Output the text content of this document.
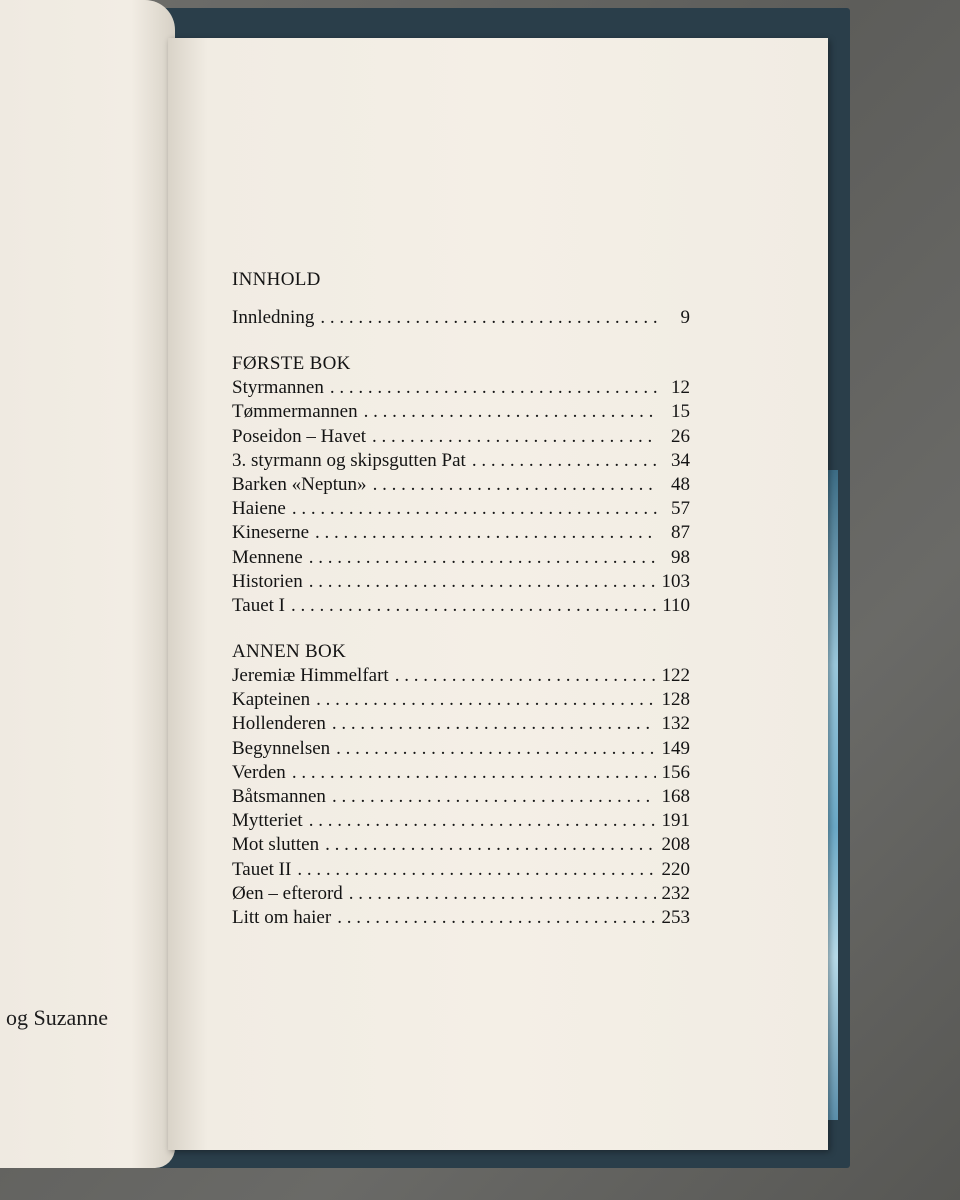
og Suzanne
INNHOLD
Innledning . . .	9
FØRSTE BOK
Styrmannen . . .	12
Tømmermannen . . .	15
Poseidon – Havet . . .	26
3. styrmann og skipsgutten Pat . . .	34
Barken «Neptun» . . .	48
Haiene . . .	57
Kineserne . . .	87
Mennene . . .	98
Historien . . .	103
Tauet I . . .	110
ANNEN BOK
Jeremiæ Himmelfart . . .	122
Kapteinen . . .	128
Hollenderen . . .	132
Begynnelsen . . .	149
Verden . . .	156
Båtsmannen . . .	168
Mytteriet . . .	191
Mot slutten . . .	208
Tauet II . . .	220
Øen – efterord . . .	232
Litt om haier . . .	253
